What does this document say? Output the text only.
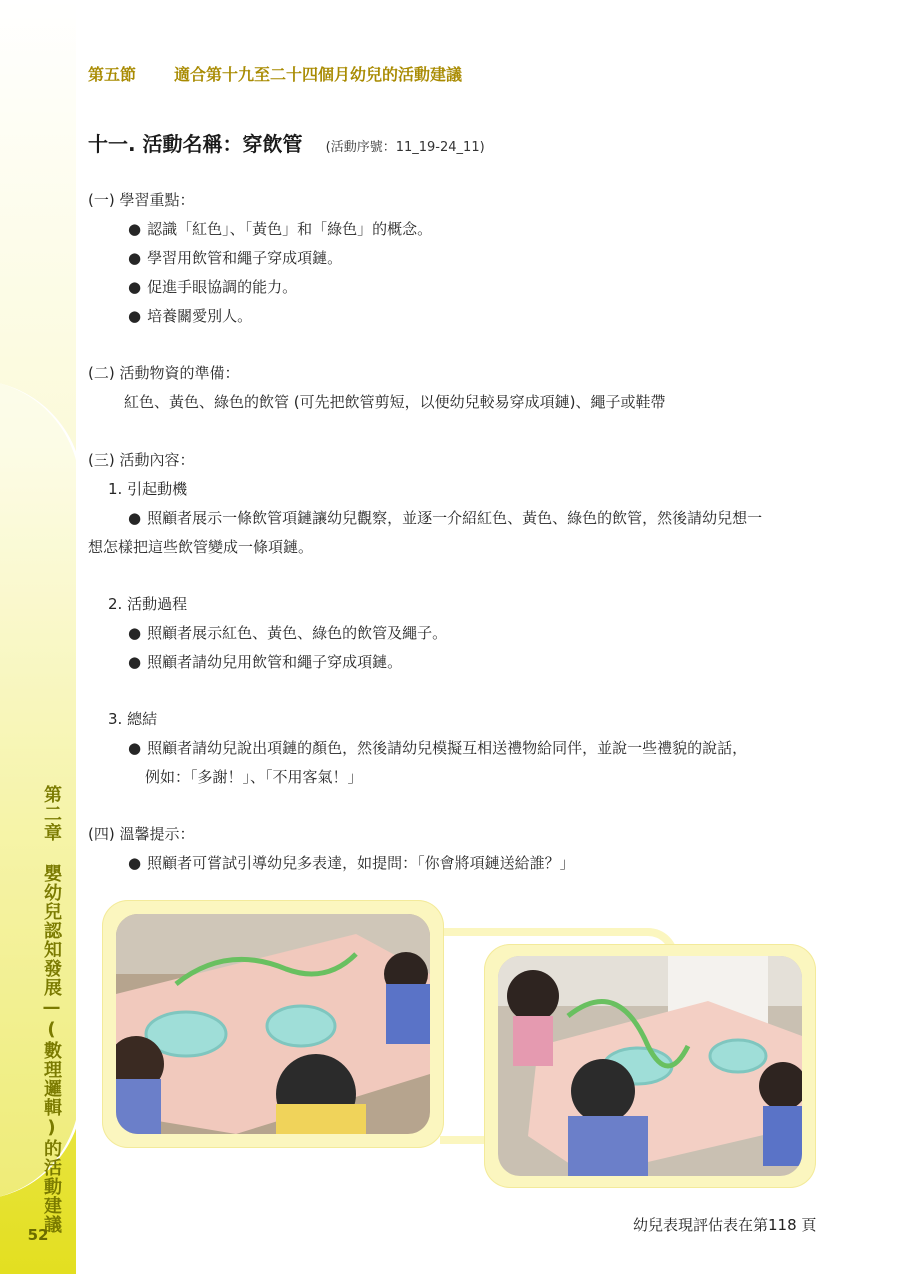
第二章 嬰幼兒認知發展—(數理邏輯)的活動建議
52
第五節 適合第十九至二十四個月幼兒的活動建議
十一. 活動名稱：穿飲管 (活動序號：11_19-24_11)
(一) 學習重點：
● 認識「紅色」、「黃色」和「綠色」的概念。
● 學習用飲管和繩子穿成項鏈。
● 促進手眼協調的能力。
● 培養關愛別人。
(二) 活動物資的準備：
紅色、黃色、綠色的飲管 (可先把飲管剪短，以便幼兒較易穿成項鏈)、繩子或鞋帶
(三) 活動內容：
1. 引起動機
● 照顧者展示一條飲管項鏈讓幼兒觀察，並逐一介紹紅色、黃色、綠色的飲管，然後請幼兒想一
想怎樣把這些飲管變成一條項鏈。
2. 活動過程
● 照顧者展示紅色、黃色、綠色的飲管及繩子。
● 照顧者請幼兒用飲管和繩子穿成項鏈。
3. 總結
● 照顧者請幼兒說出項鏈的顏色，然後請幼兒模擬互相送禮物給同伴，並說一些禮貌的說話，
例如：「多謝！」、「不用客氣！」
(四) 溫馨提示：
● 照顧者可嘗試引導幼兒多表達，如提問：「你會將項鏈送給誰？」
幼兒表現評估表在第118 頁
